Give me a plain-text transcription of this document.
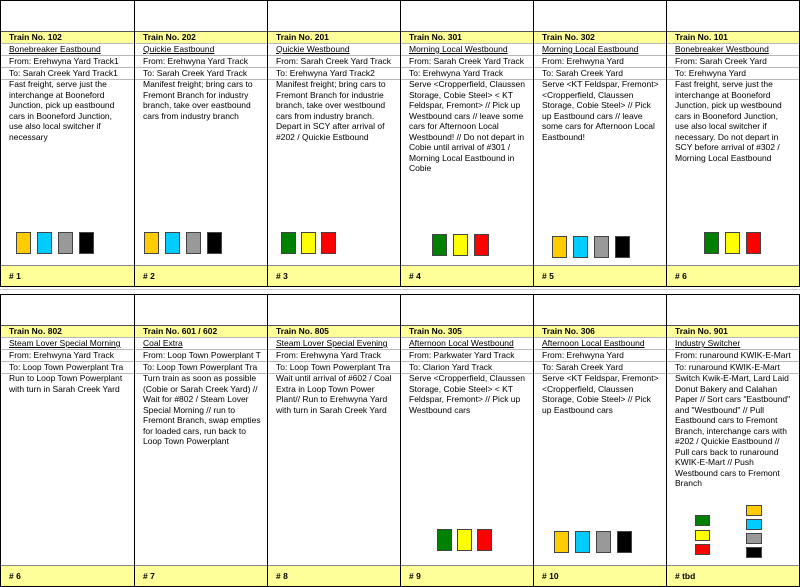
Train No. 102
Bonebreaker Eastbound
From: Erehwyna Yard Track1
To: Sarah Creek Yard Track1
Fast freight, serve just the interchange at Booneford Junction, pick up eastbound cars in Booneford Junction, use also local switcher if necessary
# 1
Train No. 202
Quickie Eastbound
From: Erehwyna Yard Track
To: Sarah Creek Yard Track
Manifest freight; bring cars to Fremont Branch for industry branch, take over eastbound cars from industry branch
# 2
Train No. 201
Quickie Westbound
From: Sarah Creek Yard Track
To: Erehwyna Yard Track2
Manifest freight; bring cars to Fremont Branch for industrie branch, take over westbound cars from industry branch. Depart in SCY after arrival of #202 / Quickie Estbound
# 3
Train No. 301
Morning Local Westbound
From: Sarah Creek Yard Track
To: Erehwyna Yard Track
Serve <Cropperfield, Claussen Storage, Cobie Steel> < KT Feldspar, Fremont> // Pick up Westbound cars // leave some cars for Afternoon Local Westbound! // Do not depart in Cobie until arrival of #301 / Morning Local Eastbound in Cobie
# 4
Train No. 302
Morning Local Eastbound
From: Erehwyna Yard
To: Sarah Creek Yard
Serve <KT Feldspar, Fremont> <Cropperfield, Claussen Storage, Cobie Steel> // Pick up Eastbound cars // leave some cars for Afternoon Local Eastbound!
# 5
Train No. 101
Bonebreaker Westbound
From: Sarah Creek Yard
To: Erehwyna Yard
Fast freight, serve just the interchange at Booneford Junction, pick up westbound cars in Booneford Junction, use also local switcher if necessary. Do not depart in SCY before arrival of #302 / Morning Local Eastbound
# 6
Train No. 802
Steam Lover Special Morning
From: Erehwyna Yard Track
To: Loop Town Powerplant Tra
Run to Loop Town Powerplant with turn in Sarah Creek Yard
# 6
Train No. 601 / 602
Coal Extra
From: Loop Town Powerplant T
To: Loop Town Powerplant Tra
Turn train as soon as possible (Cobie or Sarah Creek Yard) // Wait for #802 / Steam Lover Special Morning // run to Fremont Branch, swap empties for loaded cars, run back to Loop Town Powerplant
# 7
Train No. 805
Steam Lover Special Evening
From: Erehwyna Yard Track
To: Loop Town Powerplant Tra
Wait until arrival of #602 / Coal Extra in Loop Town Power Plant// Run to Erehwyna Yard with turn in Sarah Creek Yard
# 8
Train No. 305
Afternoon Local Westbound
From: Parkwater Yard Track
To: Clarion Yard Track
Serve <Cropperfield, Claussen Storage, Cobie Steel> < KT Feldspar, Fremont> // Pick up Westbound cars
# 9
Train No. 306
Afternoon Local Eastbound
From: Erehwyna Yard
To: Sarah Creek Yard
Serve <KT Feldspar, Fremont> <Cropperfield, Claussen Storage, Cobie Steel> // Pick up Eastbound cars
# 10
Train No. 901
Industry Switcher
From: runaround KWIK-E-Mart
To: runaround KWIK-E-Mart
Switch Kwik-E-Mart, Lard Laid Donut Bakery and Calahan Paper // Sort cars "Eastbound" and "Westbound" // Pull Eastbound cars to Fremont Branch, interchange cars with #202 / Quickie Eastbound // Pull cars back to runaround KWIK-E-Mart // Push Westbound cars to Fremont Branch
# tbd
